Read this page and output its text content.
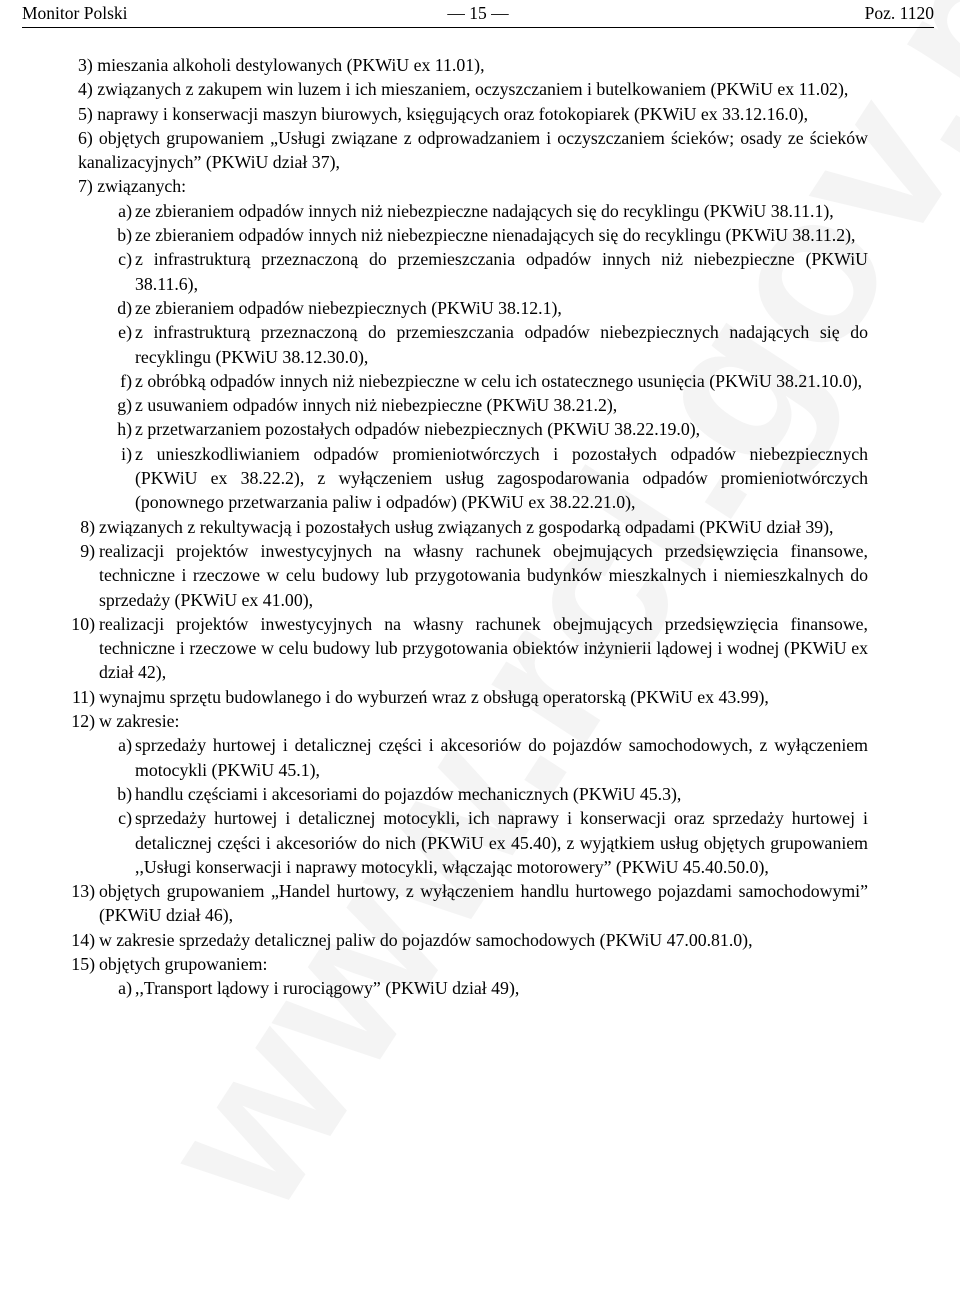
Monitor Polski	— 15 —	Poz. 1120
3) mieszania alkoholi destylowanych (PKWiU ex 11.01),
4) związanych z zakupem win luzem i ich mieszaniem, oczyszczaniem i butelkowaniem (PKWiU ex 11.02),
5) naprawy i konserwacji maszyn biurowych, księgujących oraz fotokopiarek (PKWiU ex 33.12.16.0),
6) objętych grupowaniem „Usługi związane z odprowadzaniem i oczyszczaniem ścieków; osady ze ścieków kanalizacyjnych” (PKWiU dział 37),
7) związanych:
a) ze zbieraniem odpadów innych niż niebezpieczne nadających się do recyklingu (PKWiU 38.11.1),
b) ze zbieraniem odpadów innych niż niebezpieczne nienadających się do recyklingu (PKWiU 38.11.2),
c) z infrastrukturą przeznaczoną do przemieszczania odpadów innych niż niebezpieczne (PKWiU 38.11.6),
d) ze zbieraniem odpadów niebezpiecznych (PKWiU 38.12.1),
e) z infrastrukturą przeznaczoną do przemieszczania odpadów niebezpiecznych nadających się do recyklingu (PKWiU 38.12.30.0),
f) z obróbką odpadów innych niż niebezpieczne w celu ich ostatecznego usunięcia (PKWiU 38.21.10.0),
g) z usuwaniem odpadów innych niż niebezpieczne (PKWiU 38.21.2),
h) z przetwarzaniem pozostałych odpadów niebezpiecznych (PKWiU 38.22.19.0),
i) z unieszkodliwianiem odpadów promieniotwórczych i pozostałych odpadów niebezpiecznych (PKWiU ex 38.22.2), z wyłączeniem usług zagospodarowania odpadów promieniotwórczych (ponownego przetwarzania paliw i odpadów) (PKWiU ex 38.22.21.0),
8) związanych z rekultywacją i pozostałych usług związanych z gospodarką odpadami (PKWiU dział 39),
9) realizacji projektów inwestycyjnych na własny rachunek obejmujących przedsięwzięcia finansowe, techniczne i rzeczowe w celu budowy lub przygotowania budynków mieszkalnych i niemieszkalnych do sprzedaży (PKWiU ex 41.00),
10) realizacji projektów inwestycyjnych na własny rachunek obejmujących przedsięwzięcia finansowe, techniczne i rzeczowe w celu budowy lub przygotowania obiektów inżynierii lądowej i wodnej (PKWiU ex dział 42),
11) wynajmu sprzętu budowlanego i do wyburzeń wraz z obsługą operatorską (PKWiU ex 43.99),
12) w zakresie:
a) sprzedaży hurtowej i detalicznej części i akcesoriów do pojazdów samochodowych, z wyłączeniem motocykli (PKWiU 45.1),
b) handlu częściami i akcesoriami do pojazdów mechanicznych (PKWiU 45.3),
c) sprzedaży hurtowej i detalicznej motocykli, ich naprawy i konserwacji oraz sprzedaży hurtowej i detalicznej części i akcesoriów do nich (PKWiU ex 45.40), z wyjątkiem usług objętych grupowaniem ,,Usługi konserwacji i naprawy motocykli, włączając motorowery” (PKWiU 45.40.50.0),
13) objętych grupowaniem „Handel hurtowy, z wyłączeniem handlu hurtowego pojazdami samochodowymi” (PKWiU dział 46),
14) w zakresie sprzedaży detalicznej paliw do pojazdów samochodowych (PKWiU 47.00.81.0),
15) objętych grupowaniem:
a) ,,Transport lądowy i rurociągowy” (PKWiU dział 49),
